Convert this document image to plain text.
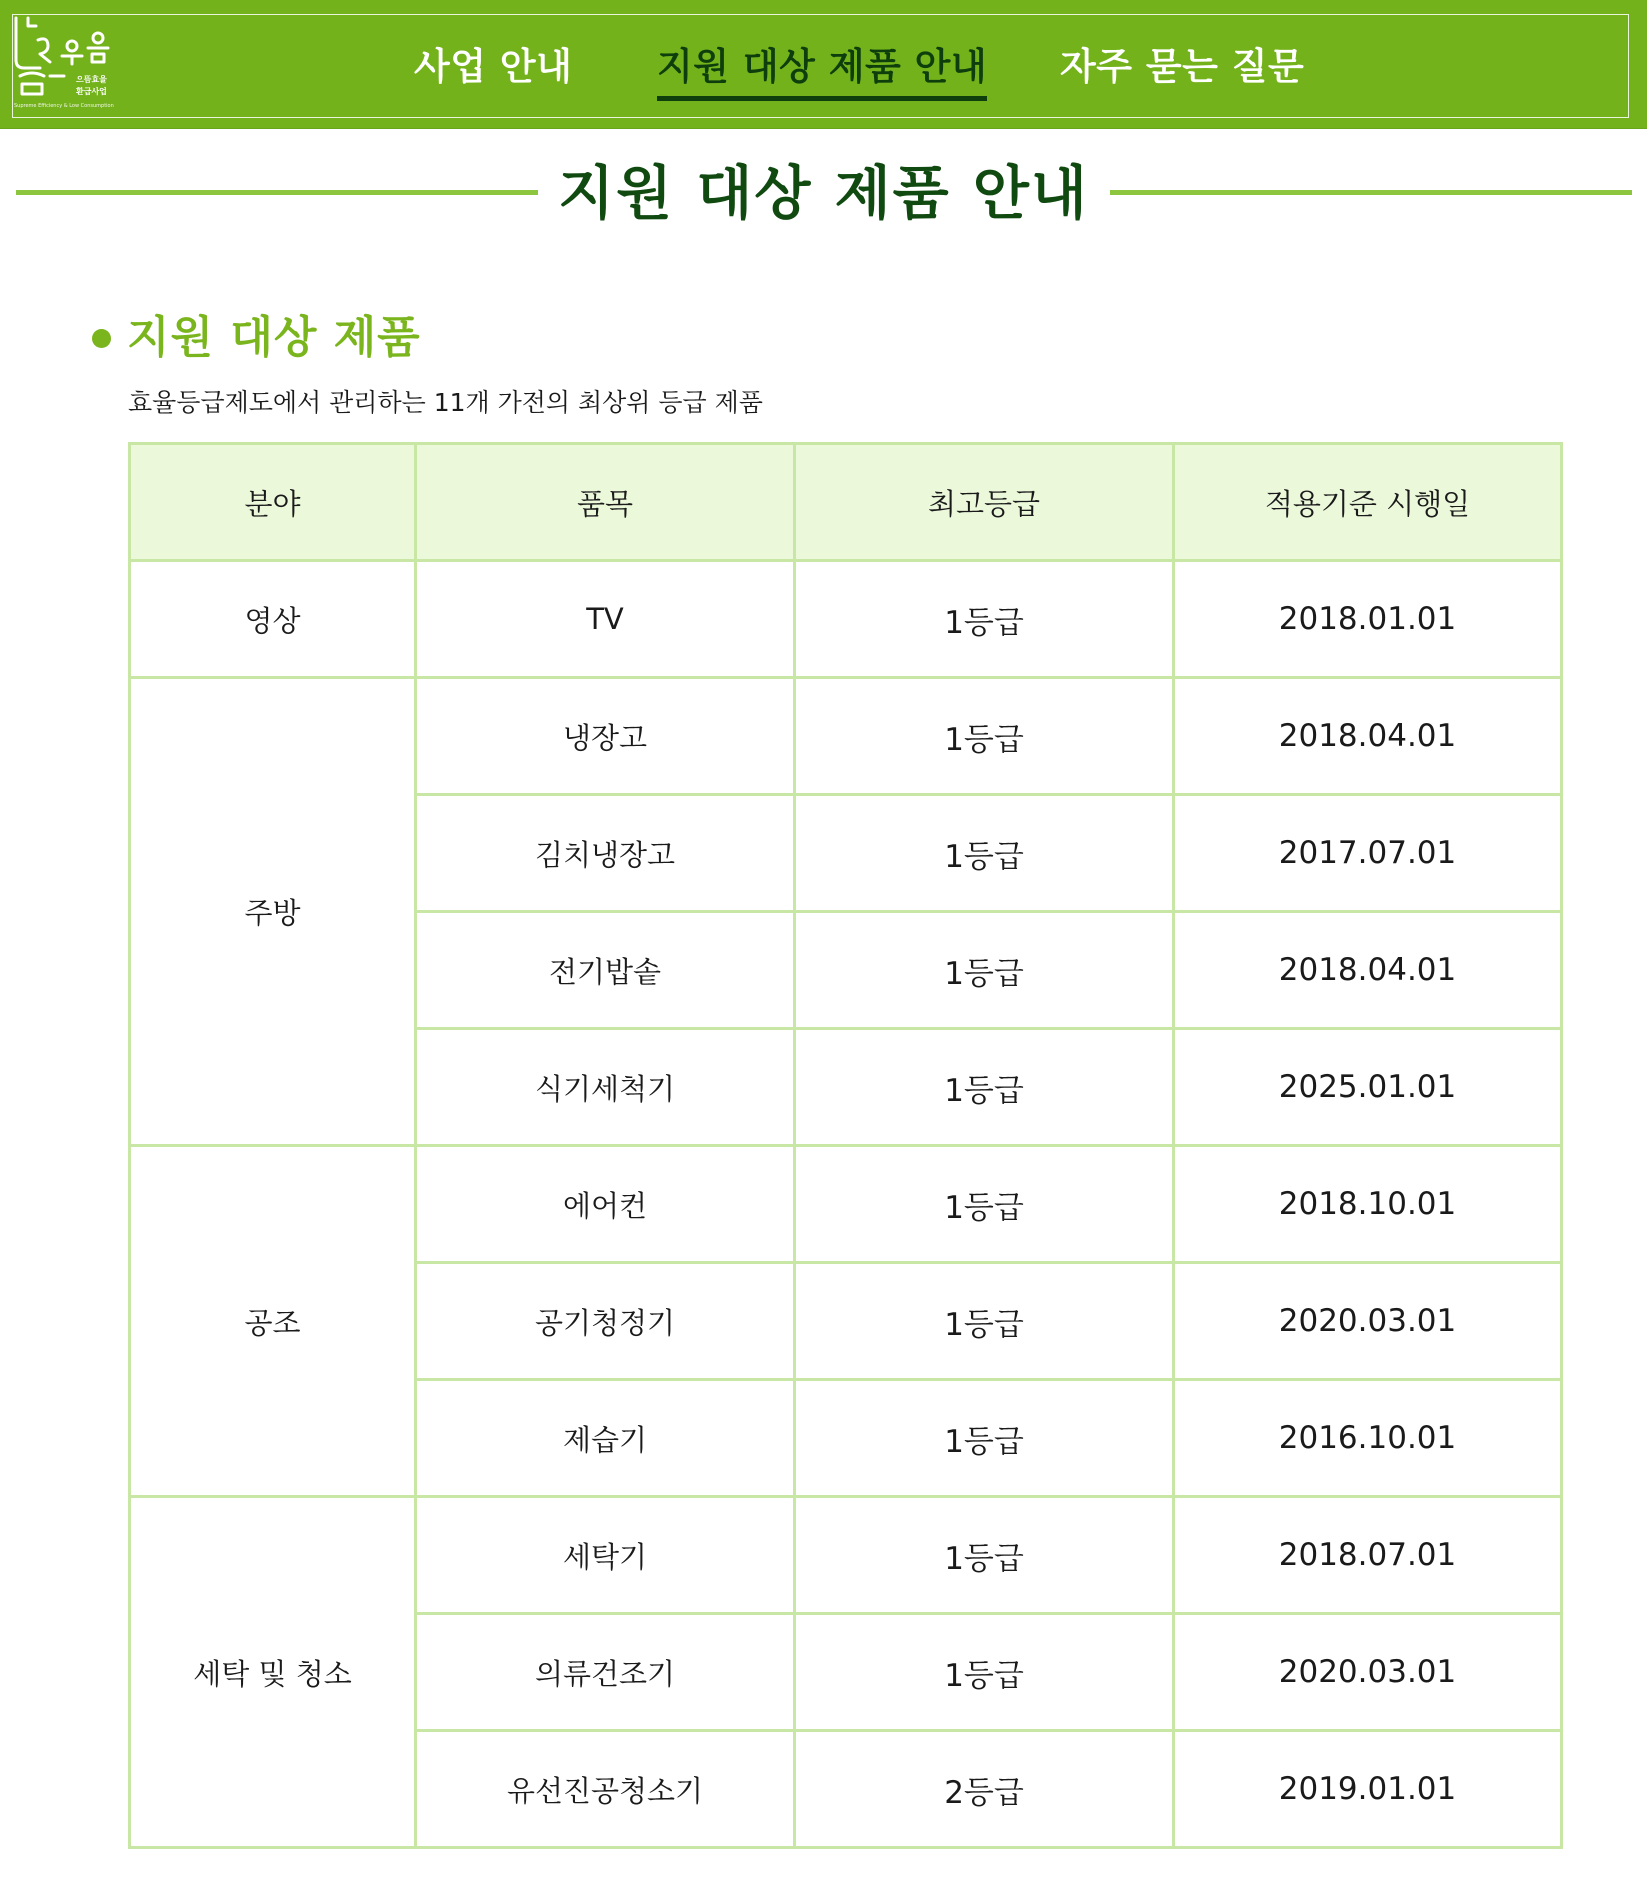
으뜸효율
환급사업
Supreme Efficiency & Low Consumption
사업 안내 지원 대상 제품 안내 자주 묻는 질문
지원 대상 제품 안내
지원 대상 제품

효율등급제도에서 관리하는 11개 가전의 최상위 등급 제품

분야	품목	최고등급	적용기준 시행일
영상	TV	1등급	2018.01.01
주방	냉장고	1등급	2018.04.01
	김치냉장고	1등급	2017.07.01
	전기밥솥	1등급	2018.04.01
	식기세척기	1등급	2025.01.01
공조	에어컨	1등급	2018.10.01
	공기청정기	1등급	2020.03.01
	제습기	1등급	2016.10.01
세탁 및 청소	세탁기	1등급	2018.07.01
	의류건조기	1등급	2020.03.01
	유선진공청소기	2등급	2019.01.01
